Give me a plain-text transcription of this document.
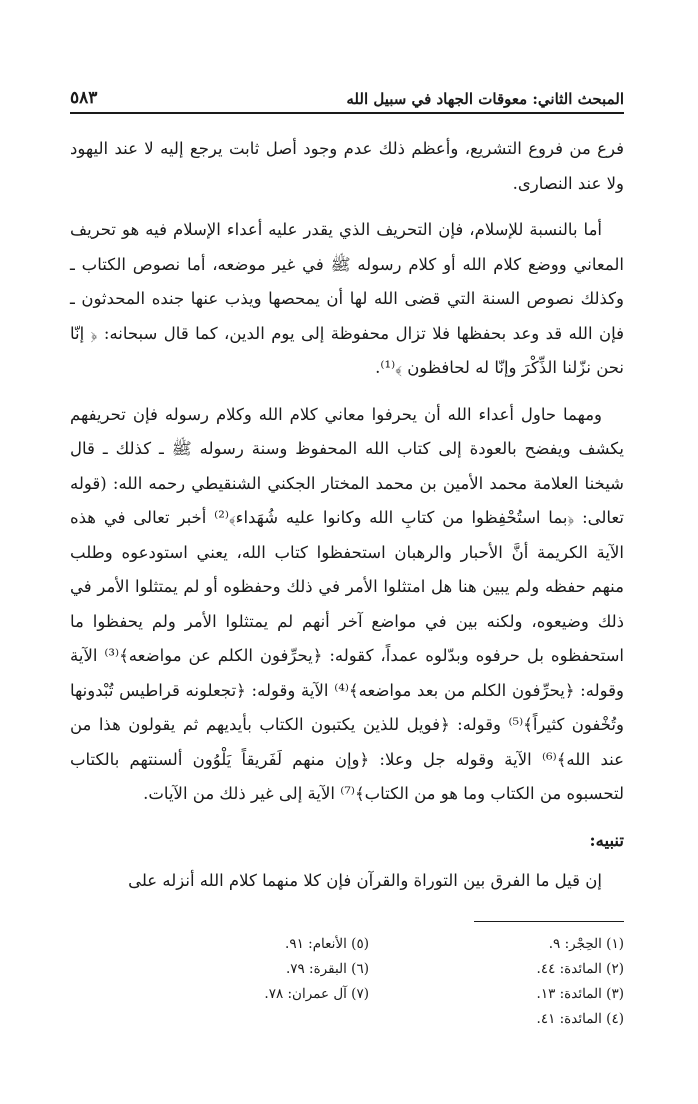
المبحث الثاني: معوقات الجهاد في سبيل الله
٥٨٣

فرع من فروع التشريع، وأعظم ذلك عدم وجود أصل ثابت يرجع إليه لا عند اليهود ولا عند النصارى.

أما بالنسبة للإسلام، فإن التحريف الذي يقدر عليه أعداء الإسلام فيه هو تحريف المعاني ووضع كلام الله أو كلام رسوله ﷺ في غير موضعه، أما نصوص الكتاب ـ وكذلك نصوص السنة التي قضى الله لها أن يمحصها ويذب عنها جنده المحدثون ـ فإن الله قد وعد بحفظها فلا تزال محفوظة إلى يوم الدين، كما قال سبحانه: ﴿ إنّا نحن نزّلنا الذِّكْرَ وإنّا له لحافظون ﴾⁽¹⁾.

ومهما حاول أعداء الله أن يحرفوا معاني كلام الله وكلام رسوله فإن تحريفهم يكشف ويفضح بالعودة إلى كتاب الله المحفوظ وسنة رسوله ﷺ ـ كذلك ـ قال شيخنا العلامة محمد الأمين بن محمد المختار الجكني الشنقيطي رحمه الله: (قوله تعالى: ﴿بما استُحْفِظوا من كتابِ الله وكانوا عليه شُهَداء﴾⁽²⁾ أخبر تعالى في هذه الآية الكريمة أنَّ الأحبار والرهبان استحفظوا كتاب الله، يعني استودعوه وطلب منهم حفظه ولم يبين هنا هل امتثلوا الأمر في ذلك وحفظوه أو لم يمتثلوا الأمر في ذلك وضيعوه، ولكنه بين في مواضع آخر أنهم لم يمتثلوا الأمر ولم يحفظوا ما استحفظوه بل حرفوه وبدّلوه عمداً، كقوله: ﴿يحرِّفون الكلم عن مواضعه﴾⁽³⁾ الآية وقوله: ﴿يحرِّفون الكلم من بعد مواضعه﴾⁽⁴⁾ الآية وقوله: ﴿تجعلونه قراطيس تُبْدونها وتُخْفون كثيراً﴾⁽⁵⁾ وقوله: ﴿فويل للذين يكتبون الكتاب بأيديهم ثم يقولون هذا من عند الله﴾⁽⁶⁾ الآية وقوله جل وعلا: ﴿وإن منهم لَفَريقاً يَلْوُون ألسنتهم بالكتاب لتحسبوه من الكتاب وما هو من الكتاب﴾⁽⁷⁾ الآية إلى غير ذلك من الآيات.

تنبيه:

إن قيل ما الفرق بين التوراة والقرآن فإن كلا منهما كلام الله أنزله على

(١) الحِجْر: ٩.
(٥) الأنعام: ٩١.
(٢) المائدة: ٤٤.
(٦) البقرة: ٧٩.
(٣) المائدة: ١٣.
(٧) آل عمران: ٧٨.
(٤) المائدة: ٤١.
